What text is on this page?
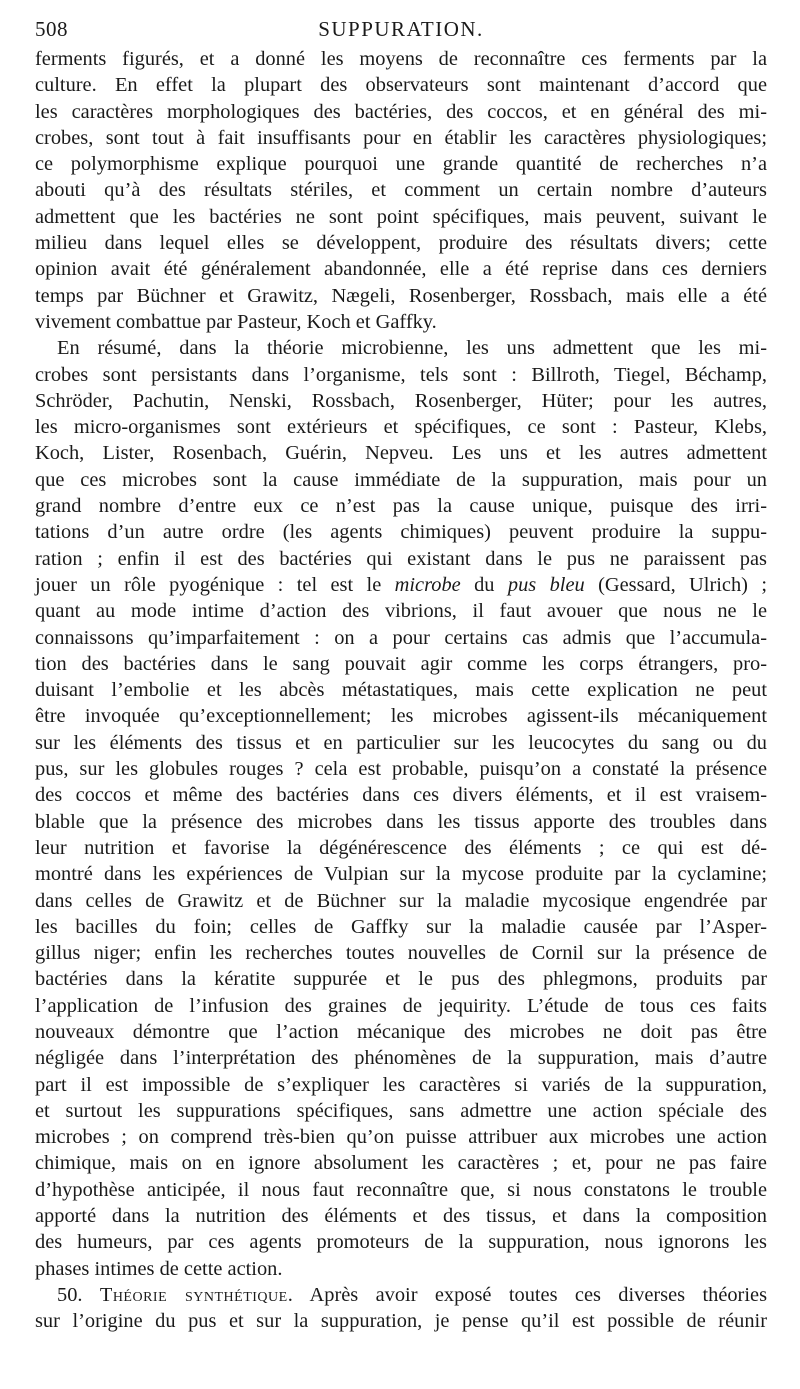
508	SUPPURATION.
ferments figurés, et a donné les moyens de reconnaître ces ferments par la
culture. En effet la plupart des observateurs sont maintenant d’accord que
les caractères morphologiques des bactéries, des coccos, et en général des mi-
crobes, sont tout à fait insuffisants pour en établir les caractères physiologiques;
ce polymorphisme explique pourquoi une grande quantité de recherches n’a
abouti qu’à des résultats stériles, et comment un certain nombre d’auteurs
admettent que les bactéries ne sont point spécifiques, mais peuvent, suivant le
milieu dans lequel elles se développent, produire des résultats divers; cette
opinion avait été généralement abandonnée, elle a été reprise dans ces derniers
temps par Büchner et Grawitz, Nægeli, Rosenberger, Rossbach, mais elle a été
vivement combattue par Pasteur, Koch et Gaffky.
En résumé, dans la théorie microbienne, les uns admettent que les mi-
crobes sont persistants dans l’organisme, tels sont : Billroth, Tiegel, Béchamp,
Schröder, Pachutin, Nenski, Rossbach, Rosenberger, Hüter; pour les autres,
les micro-organismes sont extérieurs et spécifiques, ce sont : Pasteur, Klebs,
Koch, Lister, Rosenbach, Guérin, Nepveu. Les uns et les autres admettent
que ces microbes sont la cause immédiate de la suppuration, mais pour un
grand nombre d’entre eux ce n’est pas la cause unique, puisque des irri-
tations d’un autre ordre (les agents chimiques) peuvent produire la suppu-
ration ; enfin il est des bactéries qui existant dans le pus ne paraissent pas
jouer un rôle pyogénique : tel est le microbe du pus bleu (Gessard, Ulrich) ;
quant au mode intime d’action des vibrions, il faut avouer que nous ne le
connaissons qu’imparfaitement : on a pour certains cas admis que l’accumula-
tion des bactéries dans le sang pouvait agir comme les corps étrangers, pro-
duisant l’embolie et les abcès métastatiques, mais cette explication ne peut
être invoquée qu’exceptionnellement; les microbes agissent-ils mécaniquement
sur les éléments des tissus et en particulier sur les leucocytes du sang ou du
pus, sur les globules rouges ? cela est probable, puisqu’on a constaté la présence
des coccos et même des bactéries dans ces divers éléments, et il est vraisem-
blable que la présence des microbes dans les tissus apporte des troubles dans
leur nutrition et favorise la dégénérescence des éléments ; ce qui est dé-
montré dans les expériences de Vulpian sur la mycose produite par la cyclamine;
dans celles de Grawitz et de Büchner sur la maladie mycosique engendrée par
les bacilles du foin; celles de Gaffky sur la maladie causée par l’Asper-
gillus niger; enfin les recherches toutes nouvelles de Cornil sur la présence de
bactéries dans la kératite suppurée et le pus des phlegmons, produits par
l’application de l’infusion des graines de jequirity. L’étude de tous ces faits
nouveaux démontre que l’action mécanique des microbes ne doit pas être
négligée dans l’interprétation des phénomènes de la suppuration, mais d’autre
part il est impossible de s’expliquer les caractères si variés de la suppuration,
et surtout les suppurations spécifiques, sans admettre une action spéciale des
microbes ; on comprend très-bien qu’on puisse attribuer aux microbes une action
chimique, mais on en ignore absolument les caractères ; et, pour ne pas faire
d’hypothèse anticipée, il nous faut reconnaître que, si nous constatons le trouble
apporté dans la nutrition des éléments et des tissus, et dans la composition
des humeurs, par ces agents promoteurs de la suppuration, nous ignorons les
phases intimes de cette action.
50. Théorie synthétique. Après avoir exposé toutes ces diverses théories
sur l’origine du pus et sur la suppuration, je pense qu’il est possible de réunir
